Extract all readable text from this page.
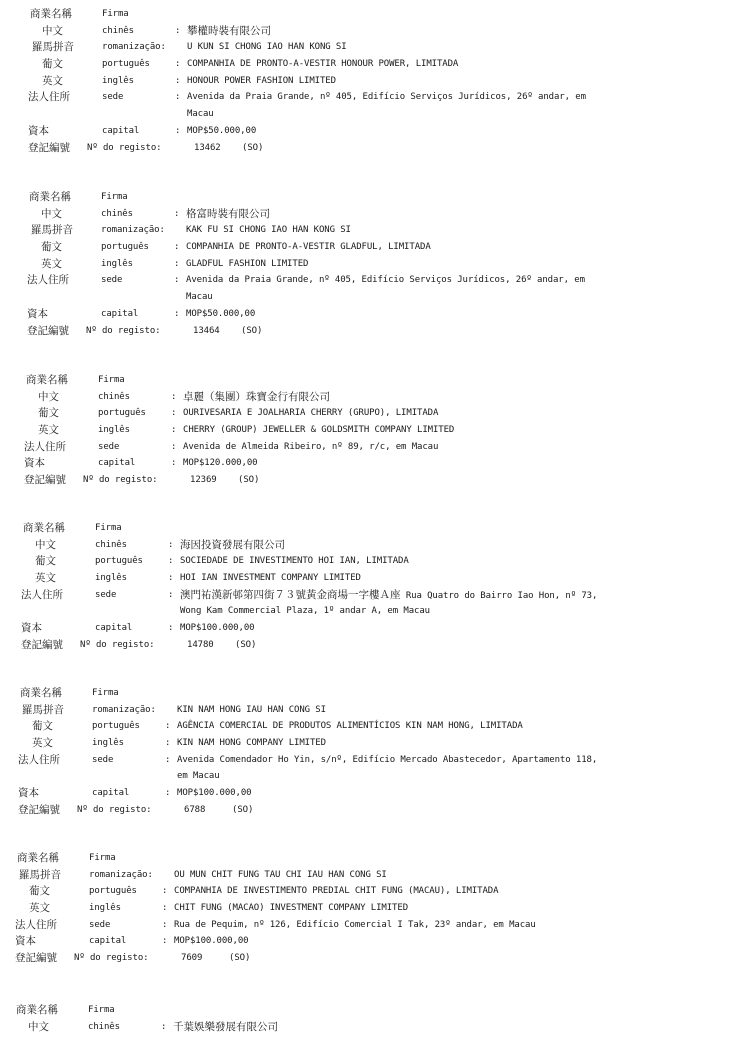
商業名稱	Firma
中文	chinês	: 攀權時裝有限公司
羅馬拼音	romanização: U KUN SI CHONG IAO HAN KONG SI
葡文	português	: COMPANHIA DE PRONTO-A-VESTIR HONOUR POWER, LIMITADA
英文	inglês	: HONOUR POWER FASHION LIMITED
法人住所	sede	: Avenida da Praia Grande, nº 405, Edifício Serviços Jurídicos, 26º andar, em
Macau
資本	capital	: MOP$50.000,00
登記編號 Nº do registo:	13462 (SO)
商業名稱	Firma
中文	chinês	: 格富時裝有限公司
羅馬拼音	romanização: KAK FU SI CHONG IAO HAN KONG SI
葡文	português	: COMPANHIA DE PRONTO-A-VESTIR GLADFUL, LIMITADA
英文	inglês	: GLADFUL FASHION LIMITED
法人住所	sede	: Avenida da Praia Grande, nº 405, Edifício Serviços Jurídicos, 26º andar, em
Macau
資本	capital	: MOP$50.000,00
登記編號 Nº do registo:	13464 (SO)
商業名稱	Firma
中文	chinês	: 卓麗（集團）珠寶金行有限公司
葡文	português	: OURIVESARIA E JOALHARIA CHERRY (GRUPO), LIMITADA
英文	inglês	: CHERRY (GROUP) JEWELLER & GOLDSMITH COMPANY LIMITED
法人住所	sede	: Avenida de Almeida Ribeiro, nº 89, r/c, em Macau
資本	capital	: MOP$120.000,00
登記編號 Nº do registo:	12369 (SO)
商業名稱	Firma
中文	chinês	: 海因投資發展有限公司
葡文	português	: SOCIEDADE DE INVESTIMENTO HOI IAN, LIMITADA
英文	inglês	: HOI IAN INVESTMENT COMPANY LIMITED
法人住所	sede	: 澳門祐漢新邨第四街７３號黃金商場一字樓Ａ座 Rua Quatro do Bairro Iao Hon, nº 73,
Wong Kam Commercial Plaza, 1º andar A, em Macau
資本	capital	: MOP$100.000,00
登記編號 Nº do registo:	14780 (SO)
商業名稱	Firma
羅馬拼音	romanização: KIN NAM HONG IAU HAN CONG SI
葡文	português	: AGÊNCIA COMERCIAL DE PRODUTOS ALIMENTÍCIOS KIN NAM HONG, LIMITADA
英文	inglês	: KIN NAM HONG COMPANY LIMITED
法人住所	sede	: Avenida Comendador Ho Yin, s/nº, Edifício Mercado Abastecedor, Apartamento 118,
em Macau
資本	capital	: MOP$100.000,00
登記編號 Nº do registo:	6788	(SO)
商業名稱	Firma
羅馬拼音	romanização: OU MUN CHIT FUNG TAU CHI IAU HAN CONG SI
葡文	português	: COMPANHIA DE INVESTIMENTO PREDIAL CHIT FUNG (MACAU), LIMITADA
英文	inglês	: CHIT FUNG (MACAO) INVESTMENT COMPANY LIMITED
法人住所	sede	: Rua de Pequim, nº 126, Edifício Comercial I Tak, 23º andar, em Macau
資本	capital	: MOP$100.000,00
登記編號 Nº do registo:	7609	(SO)
商業名稱	Firma
中文	chinês	: 千葉娛樂發展有限公司
